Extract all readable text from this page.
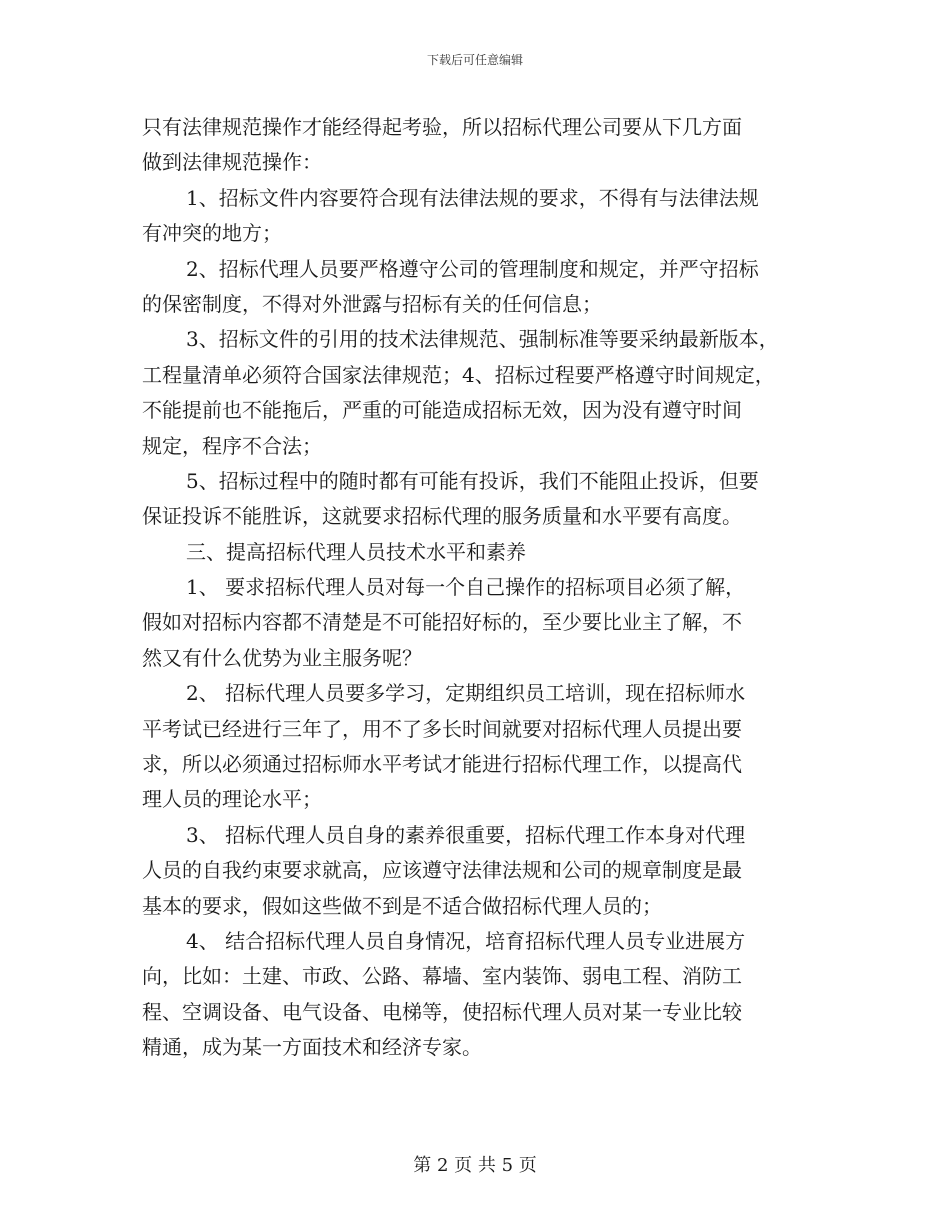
下载后可任意编辑
只有法律规范操作才能经得起考验，所以招标代理公司要从下几方面
做到法律规范操作：
1、招标文件内容要符合现有法律法规的要求，不得有与法律法规
有冲突的地方；
2、招标代理人员要严格遵守公司的管理制度和规定，并严守招标
的保密制度，不得对外泄露与招标有关的任何信息；
3、招标文件的引用的技术法律规范、强制标准等要采纳最新版本，
工程量清单必须符合国家法律规范；4、招标过程要严格遵守时间规定，
不能提前也不能拖后，严重的可能造成招标无效，因为没有遵守时间
规定，程序不合法；
5、招标过程中的随时都有可能有投诉，我们不能阻止投诉，但要
保证投诉不能胜诉，这就要求招标代理的服务质量和水平要有高度。
三、提高招标代理人员技术水平和素养
1、 要求招标代理人员对每一个自己操作的招标项目必须了解，
假如对招标内容都不清楚是不可能招好标的，至少要比业主了解，不
然又有什么优势为业主服务呢？
2、 招标代理人员要多学习，定期组织员工培训，现在招标师水
平考试已经进行三年了，用不了多长时间就要对招标代理人员提出要
求，所以必须通过招标师水平考试才能进行招标代理工作，以提高代
理人员的理论水平；
3、 招标代理人员自身的素养很重要，招标代理工作本身对代理
人员的自我约束要求就高，应该遵守法律法规和公司的规章制度是最
基本的要求，假如这些做不到是不适合做招标代理人员的；
4、 结合招标代理人员自身情况，培育招标代理人员专业进展方
向，比如：土建、市政、公路、幕墙、室内装饰、弱电工程、消防工
程、空调设备、电气设备、电梯等，使招标代理人员对某一专业比较
精通，成为某一方面技术和经济专家。
第 2 页 共 5 页
